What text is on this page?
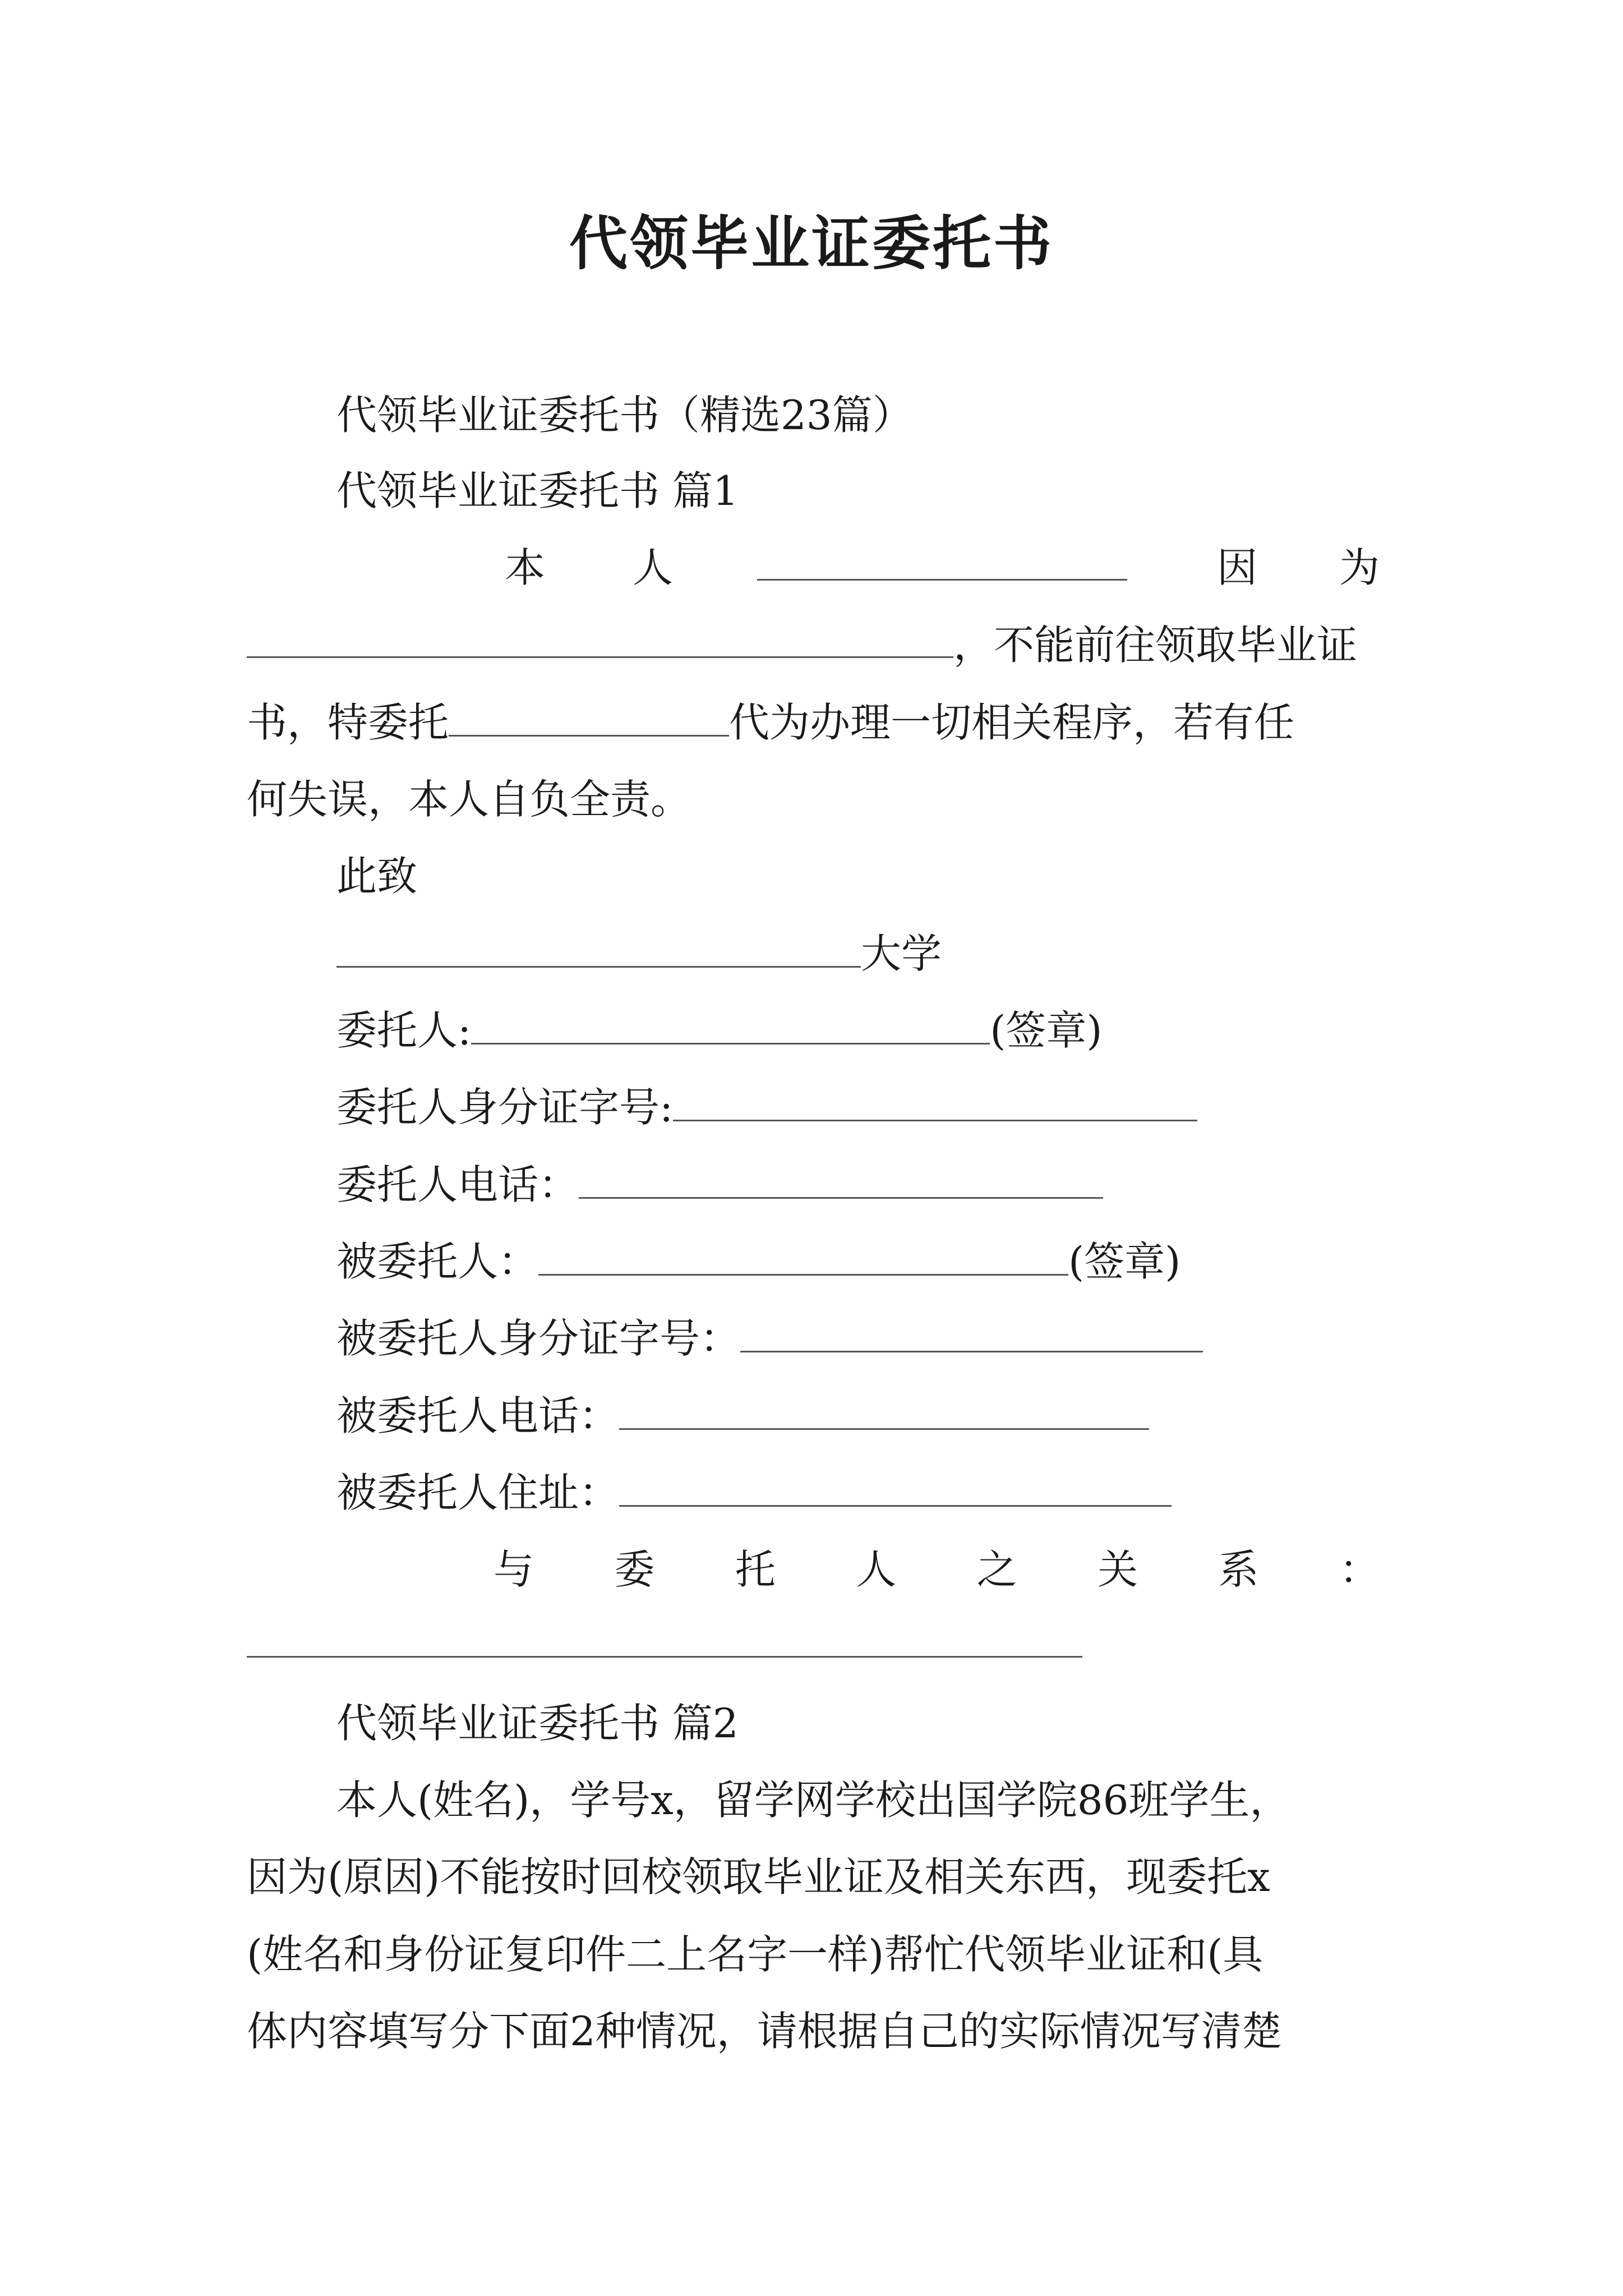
代领毕业证委托书
代领毕业证委托书（精选23篇）
代领毕业证委托书 篇1
本 人	因 为
，不能前往领取毕业证
书，特委托	代为办理一切相关程序，若有任
何失误，本人自负全责。
此致
大学
委托人:	(签章)
委托人身分证字号:
委托人电话：
被委托人：	(签章)
被委托人身分证字号：
被委托人电话：
被委托人住址：
与 委 托 人 之 关 系 ：
代领毕业证委托书 篇2
本人(姓名)，学号x，留学网学校出国学院86班学生，
因为(原因)不能按时回校领取毕业证及相关东西，现委托x
(姓名和身份证复印件二上名字一样)帮忙代领毕业证和(具
体内容填写分下面2种情况，请根据自己的实际情况写清楚
